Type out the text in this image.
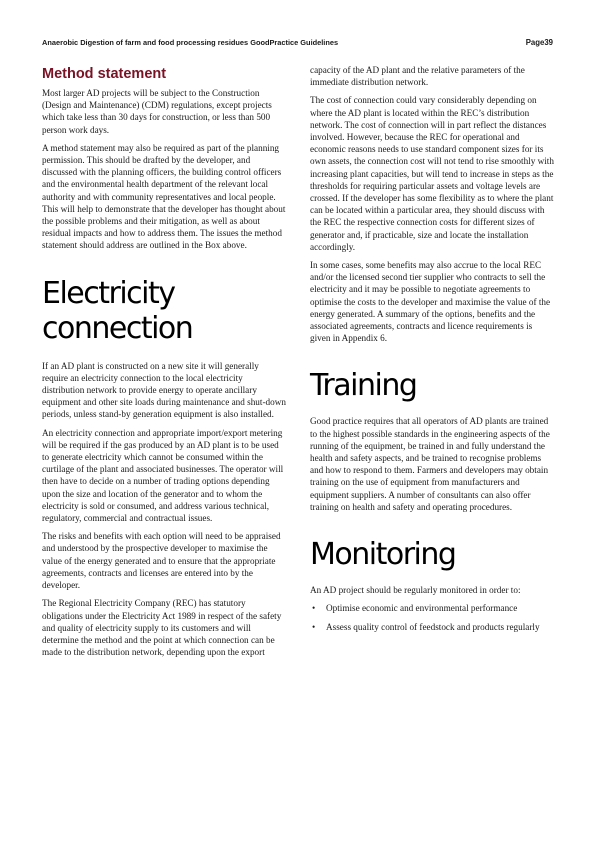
Anaerobic Digestion of farm and food processing residues GoodPractice Guidelines	Page39
Method statement

Most larger AD projects will be subject to the Construction (Design and Maintenance) (CDM) regulations, except projects which take less than 30 days for construction, or less than 500 person work days.

A method statement may also be required as part of the planning permission. This should be drafted by the developer, and discussed with the planning officers, the building control officers and the environmental health department of the relevant local authority and with community representatives and local people. This will help to demonstrate that the developer has thought about the possible problems and their mitigation, as well as about residual impacts and how to address them. The issues the method statement should address are outlined in the Box above.

Electricity connection

If an AD plant is constructed on a new site it will generally require an electricity connection to the local electricity distribution network to provide energy to operate ancillary equipment and other site loads during maintenance and shut-down periods, unless stand-by generation equipment is also installed.

An electricity connection and appropriate import/export metering will be required if the gas produced by an AD plant is to be used to generate electricity which cannot be consumed within the curtilage of the plant and associated businesses. The operator will then have to decide on a number of trading options depending upon the size and location of the generator and to whom the electricity is sold or consumed, and address various technical, regulatory, commercial and contractual issues.

The risks and benefits with each option will need to be appraised and understood by the prospective developer to maximise the value of the energy generated and to ensure that the appropriate agreements, contracts and licenses are entered into by the developer.

The Regional Electricity Company (REC) has statutory obligations under the Electricity Act 1989 in respect of the safety and quality of electricity supply to its customers and will determine the method and the point at which connection can be made to the distribution network, depending upon the export

capacity of the AD plant and the relative parameters of the immediate distribution network.

The cost of connection could vary considerably depending on where the AD plant is located within the REC’s distribution network. The cost of connection will in part reflect the distances involved. However, because the REC for operational and economic reasons needs to use standard component sizes for its own assets, the connection cost will not tend to rise smoothly with increasing plant capacities, but will tend to increase in steps as the thresholds for requiring particular assets and voltage levels are crossed. If the developer has some flexibility as to where the plant can be located within a particular area, they should discuss with the REC the respective connection costs for different sizes of generator and, if practicable, size and locate the installation accordingly.

In some cases, some benefits may also accrue to the local REC and/or the licensed second tier supplier who contracts to sell the electricity and it may be possible to negotiate agreements to optimise the costs to the developer and maximise the value of the energy generated. A summary of the options, benefits and the associated agreements, contracts and licence requirements is given in Appendix 6.

Training

Good practice requires that all operators of AD plants are trained to the highest possible standards in the engineering aspects of the running of the equipment, be trained in and fully understand the health and safety aspects, and be trained to recognise problems and how to respond to them. Farmers and developers may obtain training on the use of equipment from manufacturers and equipment suppliers. A number of consultants can also offer training on health and safety and operating procedures.

Monitoring

An AD project should be regularly monitored in order to:

• Optimise economic and environmental performance
• Assess quality control of feedstock and products regularly
